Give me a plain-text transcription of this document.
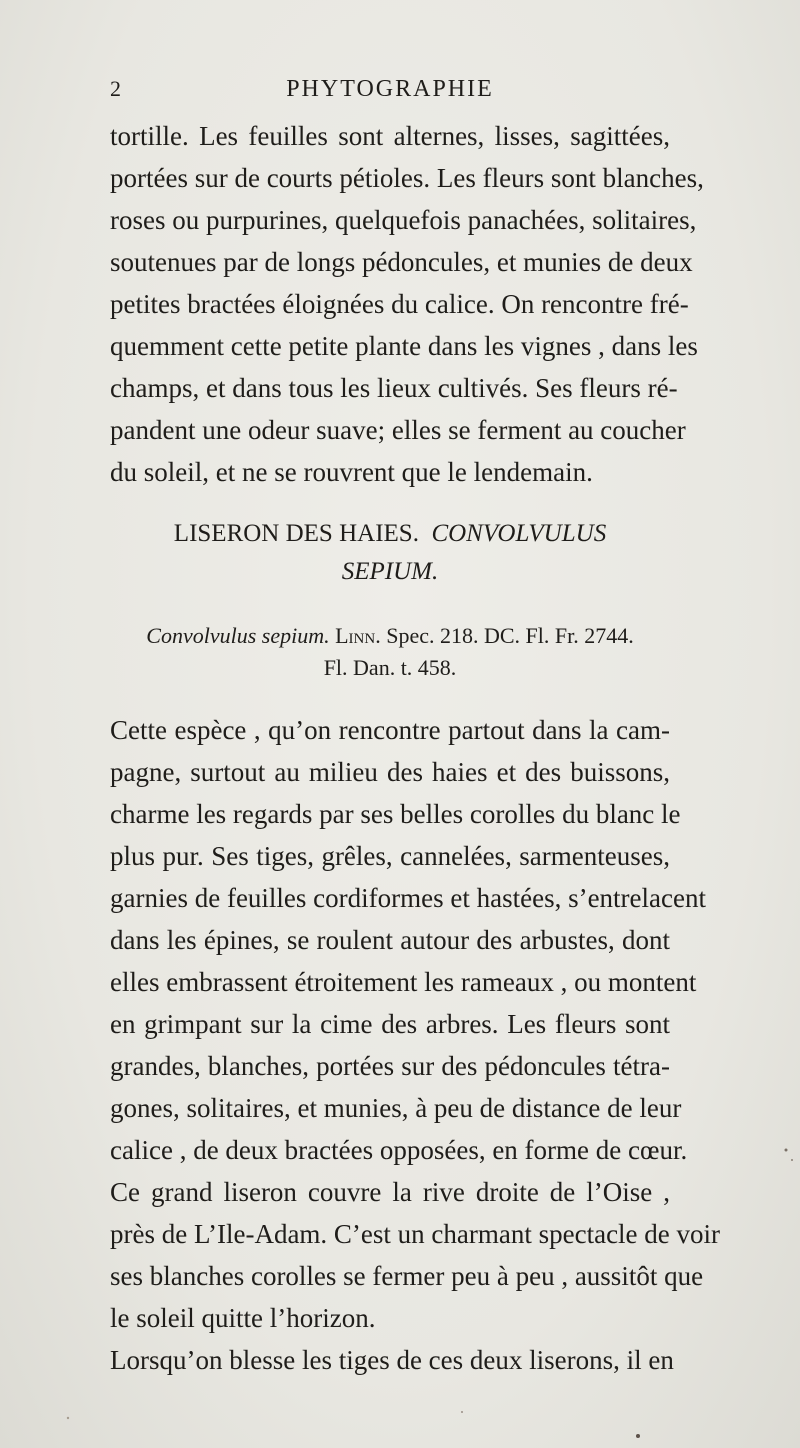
2	PHYTOGRAPHIE
tortille. Les feuilles sont alternes, lisses, sagittées,
portées sur de courts pétioles. Les fleurs sont blanches,
roses ou purpurines, quelquefois panachées, solitaires,
soutenues par de longs pédoncules, et munies de deux
petites bractées éloignées du calice. On rencontre fré-
quemment cette petite plante dans les vignes , dans les
champs, et dans tous les lieux cultivés. Ses fleurs ré-
pandent une odeur suave; elles se ferment au coucher
du soleil, et ne se rouvrent que le lendemain.
LISERON DES HAIES. CONVOLVULUS
SEPIUM.
Convolvulus sepium. Linn. Spec. 218. DC. Fl. Fr. 2744.
Fl. Dan. t. 458.
Cette espèce , qu’on rencontre partout dans la cam-
pagne, surtout au milieu des haies et des buissons,
charme les regards par ses belles corolles du blanc le
plus pur. Ses tiges, grêles, cannelées, sarmenteuses,
garnies de feuilles cordiformes et hastées, s’entrelacent
dans les épines, se roulent autour des arbustes, dont
elles embrassent étroitement les rameaux , ou montent
en grimpant sur la cime des arbres. Les fleurs sont
grandes, blanches, portées sur des pédoncules tétra-
gones, solitaires, et munies, à peu de distance de leur
calice , de deux bractées opposées, en forme de cœur.
Ce grand liseron couvre la rive droite de l’Oise ,
près de L’Ile-Adam. C’est un charmant spectacle de voir
ses blanches corolles se fermer peu à peu , aussitôt que
le soleil quitte l’horizon.
Lorsqu’on blesse les tiges de ces deux liserons, il en
